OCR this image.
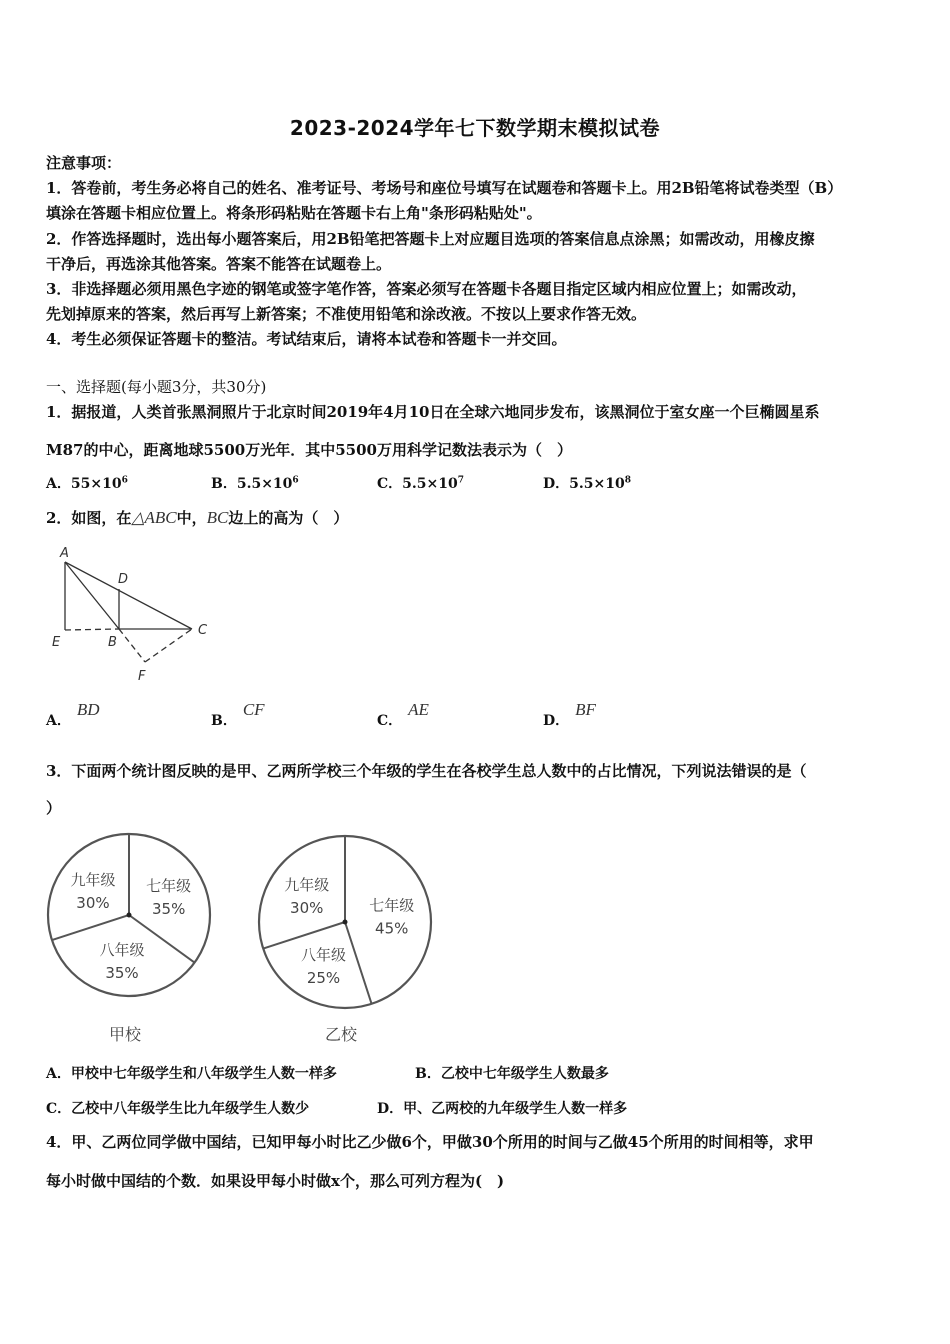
2023-2024学年七下数学期末模拟试卷
注意事项：
1．答卷前，考生务必将自己的姓名、准考证号、考场号和座位号填写在试题卷和答题卡上。用2B铅笔将试卷类型（B）
填涂在答题卡相应位置上。将条形码粘贴在答题卡右上角"条形码粘贴处"。
2．作答选择题时，选出每小题答案后，用2B铅笔把答题卡上对应题目选项的答案信息点涂黑；如需改动，用橡皮擦
干净后，再选涂其他答案。答案不能答在试题卷上。
3．非选择题必须用黑色字迹的钢笔或签字笔作答，答案必须写在答题卡各题目指定区域内相应位置上；如需改动，
先划掉原来的答案，然后再写上新答案；不准使用铅笔和涂改液。不按以上要求作答无效。
4．考生必须保证答题卡的整洁。考试结束后，请将本试卷和答题卡一并交回。
一、选择题(每小题3分，共30分)
1．据报道，人类首张黑洞照片于北京时间2019年4月10日在全球六地同步发布，该黑洞位于室女座一个巨椭圆星系
M87的中心，距离地球5500万光年．其中5500万用科学记数法表示为（　）
A．$55\times 10^6$	B．$5.5\times 10^6$	C．$5.5\times 10^7$	D．$5.5\times 10^8$
2．如图，在△ABC中，BC边上的高为（　）
A
D
E	B
C
F
A．BD
B．CF
C．AE
D．BF
3．下面两个统计图反映的是甲、乙两所学校三个年级的学生在各校学生总人数中的占比情况，下列说法错误的是（
）
七年级
35%
八年级
35%
九年级
30%
甲校
七年级
45%
八年级
25%
九年级
30%
乙校
A．甲校中七年级学生和八年级学生人数一样多	B．乙校中七年级学生人数最多
C．乙校中八年级学生比九年级学生人数少	D．甲、乙两校的九年级学生人数一样多
4．甲、乙两位同学做中国结，已知甲每小时比乙少做6个，甲做30个所用的时间与乙做45个所用的时间相等，求甲
每小时做中国结的个数．如果设甲每小时做x个，那么可列方程为(　)
